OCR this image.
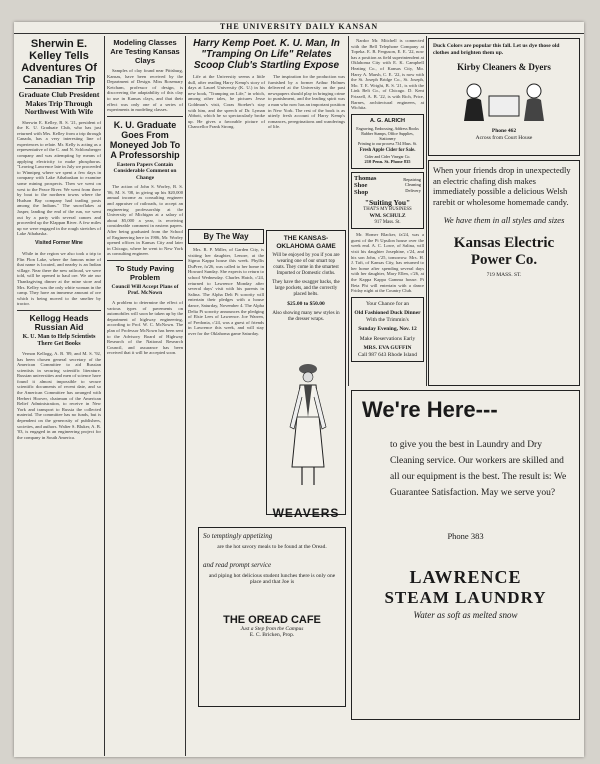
THE UNIVERSITY DAILY KANSAN
Sherwin E. Kelley Tells Adventures Of Canadian Trip
Graduate Club President Makes Trip Through Northwest With Wife

Sherwin E. Kelley, B. S. '21, president of the K. U. Graduate Club, who has just returned with Mrs. Kelley from a trip through Canada, has a very interesting line of experiences to relate. Mr. Kelly is acting as a representative of the C. and N. Schlossberger company and was attempting by means of applying electricity to make phosphorus. "Leaving Lawrence late in July we proceeded to Winnipeg where we spent a few days in company with Lake Athabaskan to examine some mining prospects. Then we went on west to the Peace River. We went from there by boat to the northern towns where the Hudson Bay company had trading posts among the Indians." The snowflakes at Jasper, landing the end of the run, we went out by a party with several canoes and proceeded up the Klappan River. A few miles up we were engaged in the rough stretches of Lake Athabaska.

Visited Former Mine

While in the region we also took a trip to Flin Flon Lake, where the famous mine of that name is located, and nearby is an Indian village. Near there the new railroad, we were told, will be opened to haul ore. We ate our Thanksgiving dinner at the mine store and Mrs. Kelley was the only white woman in the camp. They have an immense amount of ore which is being moved to the smelter by tractor.

Kellogg Heads Russian Aid
K. U. Man to Help Scientists There Get Books

Vernon Kellogg, A. B. '89, and M. S. '92, has been chosen general secretary of the American Committee to aid Russian scientists in securing scientific literature. Russian universities and men of science have found it almost impossible to secure scientific documents of recent date, and so the American Committee has arranged with Herbert Hoover, chairman of the American Relief Administration, to receive in New York and transport to Russia the collected material. The committee has no funds, but is dependent on the generosity of publishers, societies, and authors. Walter S. Bluker, A. B. '03, is engaged in an engineering project for the company in South America.

Modeling Classes Are Testing Kansas Clays

Samples of clay found near Pittsburg, Kansas, have been received by the Department of Design. Miss Rosemary Ketcham, professor of design, is discovering the adaptability of this clay to use in Kansas clays, and that their effect was only one of a series of experiments in modeling classes.

K. U. Graduate Goes From Moneyed Job To A Professorship
Eastern Papers Contain Considerable Comment on Change

The action of John S. Worley, B. S. '06, M. S. '08, in giving up his $20,000 annual income as consulting engineer and appraiser of railroads, to accept an engineering professorship at the University of Michigan at a salary of about $5,000 a year, is receiving considerable comment in eastern papers. After being graduated from the School of Engineering here in 1906, Mr. Worley opened offices in Kansas City and later in Chicago, where he went to New York as consulting engineer.

To Study Paving Problem
Council Will Accept Plans of Prof. McNown

A problem to determine the effect of various types of pavements on automobiles will soon be taken up by the department of highway engineering, according to Prof. W. C. McNown. The plan of Professor McNown has been sent to the Advisory Board of Highway Research of the National Research Council, and assurance has been received that it will be accepted soon.

Harry Kemp Poet. K. U. Man, In "Tramping On Life" Relates Scoop Club's Startling Expose

Life at the University seems a little dull, after reading Harry Kemp's story of days at Laurel University (K. U.) in his new book, "Tramping on Life," in which, among other tales, he pictures Jesse Goldman's visit, Coras Stoeker's stay with him, and the speech of Dr. Lyman Abbott, which he so spectacularly broke up. He gives a favorable picture of Chancellor Frank Strong.

The inspiration for the production was furnished by a former Arthur Holmes delivered at the University on the past newspapers should play in bringing crime to punishment, and the leading spirit was a man who now has an important position in New York. The rest of the book is as utterly fresh account of Harry Kemp's romances, peregrinations and wanderings of life.

By The Way

Mrs. R. P. Miller, of Garden City, is visiting her daughter, Lenore, at the Sigma Kappa house this week. Phyllis DuPree, fa'26, was called to her home in Howard Sunday. She expects to return to school Wednesday. Charles Hatch, c'24, returned to Lawrence Monday after several days' visit with his parents in Salina. The Alpha Delt Pi sorority will entertain their pledges with a house dance, Saturday, November 4. The Alpha Delta Pi sorority announces the pledging of Elsie Lees of Lawrence. Joe Warren, of Fredonia, c'24, was a guest of friends in Lawrence this week, and will stay over for the Oklahoma game Saturday.

THE KANSAS-OKLAHOMA GAME
Will be enjoyed by you if you are wearing one of our smart top coats. They come in the smartest Imported or Domestic cloths.
They have the swagger backs, the large pockets, and the correctly placed belts.
$25.00 to $50.00
Also showing many new styles in the dresser wraps.
WEAVERS
So temptingly appetizing
are the hot savory meals to be found at the Oread.
and read prompt service
and piping hot delicious student lunches there is only one place and that Joe is
THE OREAD CAFE
Just a Step from the Campus
E. C. Bricken, Prop.

Nardor Mr. Mitchell is connected with the Bell Telephone Company at Topeka. E. B. Ferguson, E. E. '22, now has a position as field superintendent at Oklahoma City with E. K. Campbell Heating Co., of Kansas City, Mo. Harry A. Marsh, C. E. '22, is now with the St. Joseph Bridge Co., St. Joseph, Mo. T. E. Wright, B. S. '21, is with the Link Belt Co., of Chicago. D. Kent Frizzell, A. B. '22, is with Rich, Price, Barnes, architectural engineers, at Wichita.

A. G. ALRICH
Engraving, Embossing, Address Books
Rubber Stamps, Office Supplies, Stationery
Printing to our process 734 Mass. St.
Fresh Apple Cider for Sale.
Cider and Cider Vinegar Co.
210 Penn. St. Phone 835
Thomas
Shoe
Shop
Repairing
Cleaning
Delivery
"Suiting You"
THAT'S MY BUSINESS
WM. SCHULZ
917 Mass. St.

Mr. Homer Blacker, fa'24, was a guest of the Pi Upsilon house over the week end. A. C. Lowe, of Salina, will visit his daughter Josephine, c'24, and his son John, c'25, tomorrow. Mrs. H. J. Taft, of Kansas City, has returned to her home after spending several days with her daughter, Mary Ellen, c'26, at the Kappa Kappa Gamma house. Pi Beta Phi will entertain with a dance Friday night at the Country Club.

Your Chance for an
Old Fashioned Duck Dinner
With the Trimmin's
Sunday Evening, Nov. 12
Make Reservations Early
MRS. EVA GUFFIN
Call 987 643 Rhode Island
Duck Colors are popular this fall. Let us dye those old clothes and brighten them up.
Kirby Cleaners & Dyers
Phone 462
Across from Court House
When your friends drop in unexpectedly an electric chafing dish makes immediately possible a delicious Welsh rarebit or wholesome homemade candy.
We have them in all styles and sizes
Kansas Electric
Power Co.
719 MASS. ST.
We're Here---
to give you the best in Laundry and Dry Cleaning service. Our workers are skilled and all our equipment is the best. The result is: We Guarantee Satisfaction. May we serve you?
Phone 383
LAWRENCE
STEAM LAUNDRY
Water as soft as melted snow
